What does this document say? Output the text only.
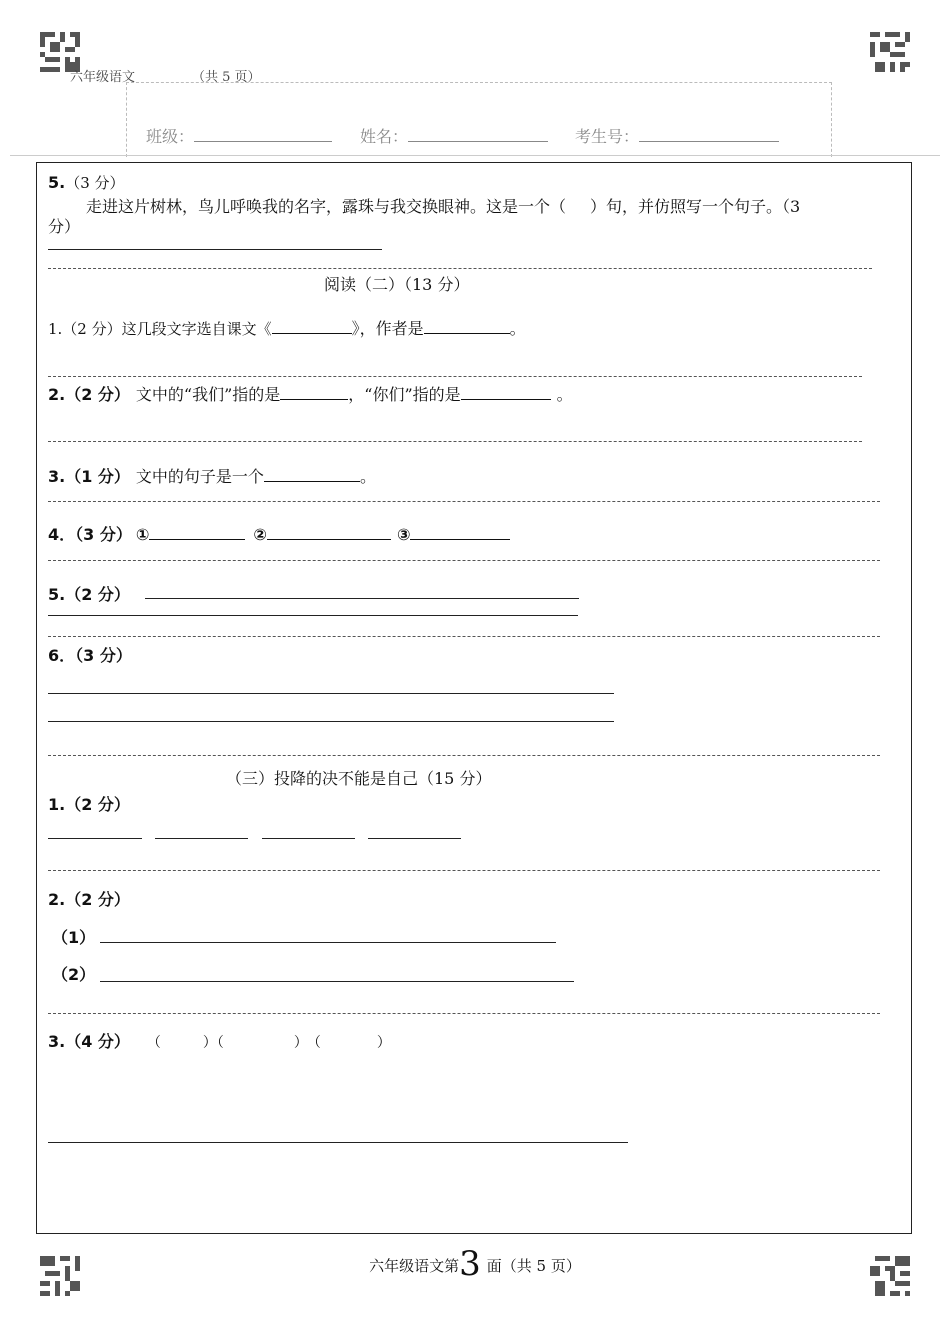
六年级语文	（共 5 页）
班级：	姓名：	考生号：
5.（3 分）
走进这片树林，鸟儿呼唤我的名字，露珠与我交换眼神。这是一个（ ）句，并仿照写一个句子。（3
分）
阅读（二）（13 分）
1.（2 分）这几段文字选自课文《	》，作者是	。
2.（2 分） 文中的“我们”指的是	，“你们”指的是	。
3.（1 分） 文中的句子是一个	。
4．（3 分） ①	②	③
5.（2 分）
6．（3 分）
（三）投降的决不能是自己（15 分）
1.（2 分）
2.（2 分）
（1）
（2）
3.（4 分） （　　　）（　　　　　） （　　　　）
六年级语文第3 面（共 5 页）
